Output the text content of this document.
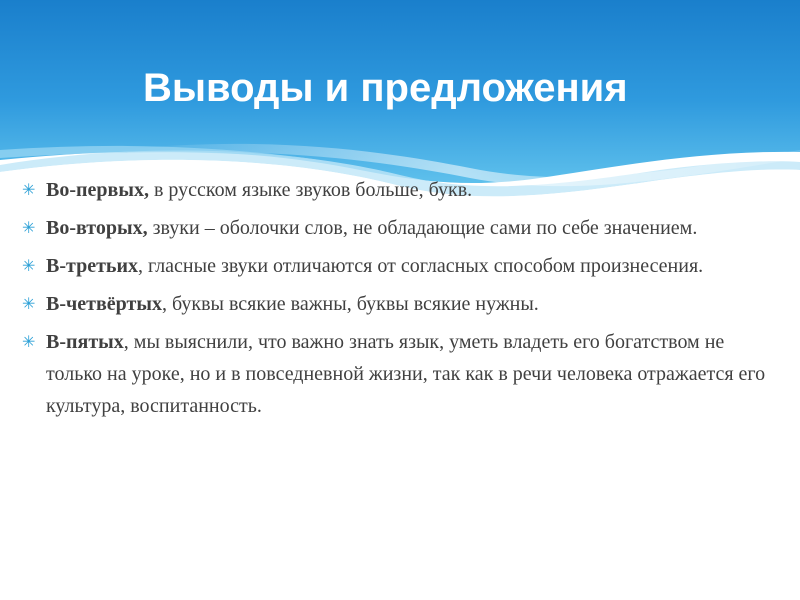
Выводы и предложения
✳ Во-первых, в русском языке звуков больше, букв.
✳ Во-вторых, звуки – оболочки слов, не обладающие сами по себе значением.
✳ В-третьих, гласные звуки отличаются от согласных способом произнесения.
✳ В-четвёртых, буквы всякие важны, буквы всякие нужны.
✳ В-пятых, мы выяснили, что важно знать язык, уметь владеть его богатством не только на уроке, но и в повседневной жизни, так как в речи человека отражается его культура, воспитанность.
